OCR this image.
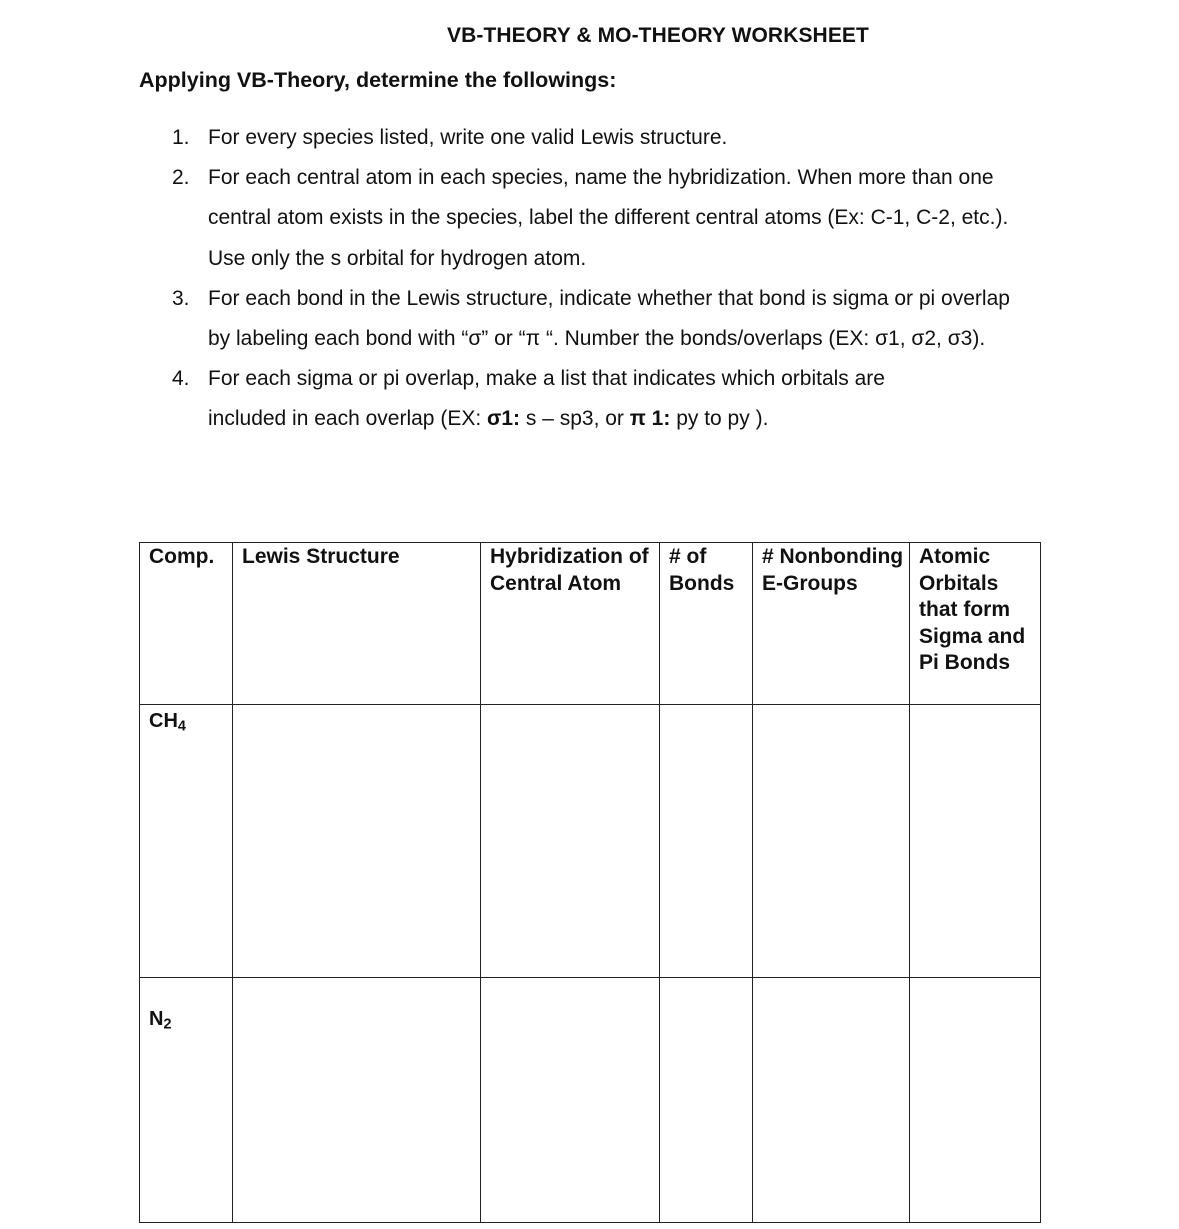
VB-THEORY & MO-THEORY WORKSHEET
Applying VB-Theory, determine the followings:
1. For every species listed, write one valid Lewis structure.
2. For each central atom in each species, name the hybridization. When more than one central atom exists in the species, label the different central atoms (Ex: C-1, C-2, etc.). Use only the s orbital for hydrogen atom.
3. For each bond in the Lewis structure, indicate whether that bond is sigma or pi overlap by labeling each bond with “σ” or “π “. Number the bonds/overlaps (EX: σ1, σ2, σ3).
4. For each sigma or pi overlap, make a list that indicates which orbitals are included in each overlap (EX: σ1: s – sp3, or π 1: py to py ).
Comp.	Lewis Structure	Hybridization of Central Atom	# of Bonds	# Nonbonding E-Groups	Atomic Orbitals that form Sigma and Pi Bonds
$CH_4$					
$N_2$					
